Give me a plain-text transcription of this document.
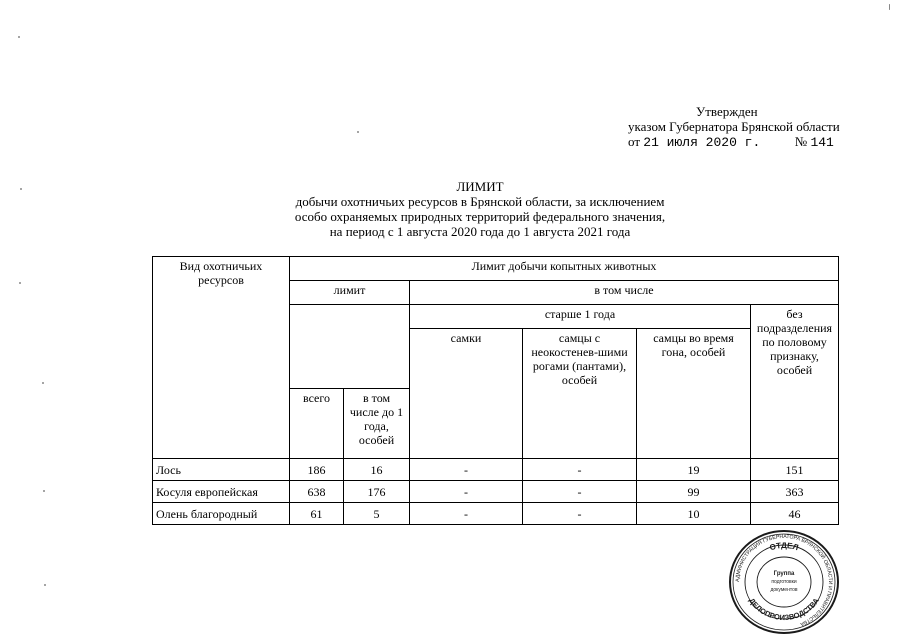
Утвержден
указом Губернатора Брянской области
от 21 июля 2020 г.	№ 141
ЛИМИТ
добычи охотничьих ресурсов в Брянской области, за исключением
особо охраняемых природных территорий федерального значения,
на период с 1 августа 2020 года до 1 августа 2021 года
Вид охотничьих ресурсов	Лимит добычи копытных животных					
	лимит		в том числе			
			старше 1 года			без подразделения по половому признаку, особей
			самки	самцы с неокостенев-шими рогами (пантами), особей	самцы во время гона, особей	
	всего	в том числе до 1 года, особей				
Лось	186	16	-	-	19	151
Косуля европейская	638	176	-	-	99	363
Олень благородный	61	5	-	-	10	46
АДМИНИСТРАЦИЯ ГУБЕРНАТОРА БРЯНСКОЙ ОБЛАСТИ И ПРАВИТЕЛЬСТВА
ОТДЕЛ
ДЕЛОПРОИЗВОДСТВА
Группа
подготовки
документов
